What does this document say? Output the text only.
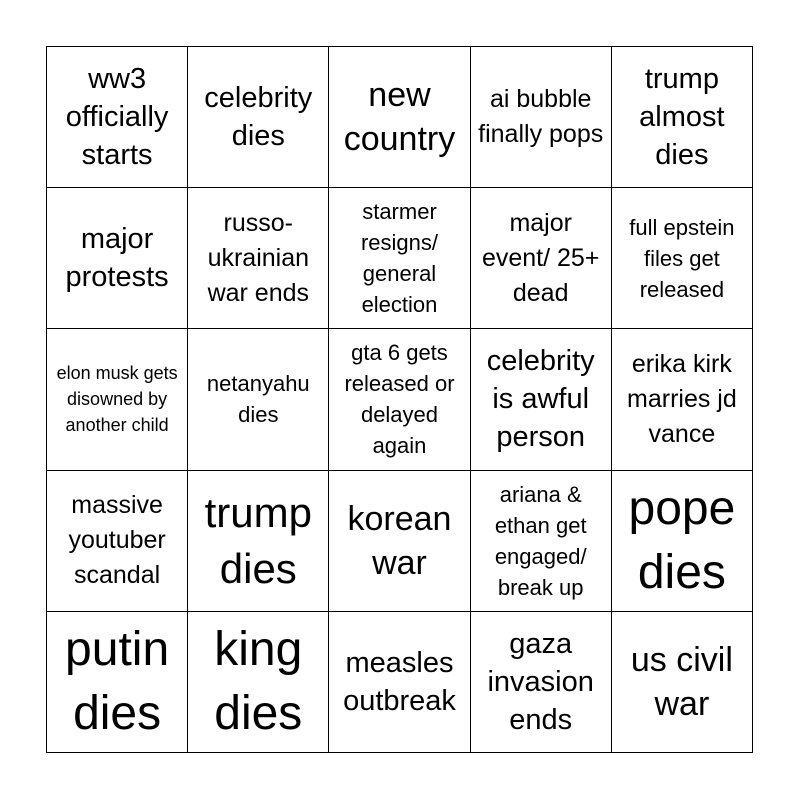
ww3 officially starts
celebrity dies
new country
ai bubble finally pops
trump almost dies
major protests
russo-ukrainian war ends
starmer resigns/ general election
major event/ 25+ dead
full epstein files get released
elon musk gets disowned by another child
netanyahu dies
gta 6 gets released or delayed again
celebrity is awful person
erika kirk marries jd vance
massive youtuber scandal
trump dies
korean war
ariana & ethan get engaged/ break up
pope dies
putin dies
king dies
measles outbreak
gaza invasion ends
us civil war
